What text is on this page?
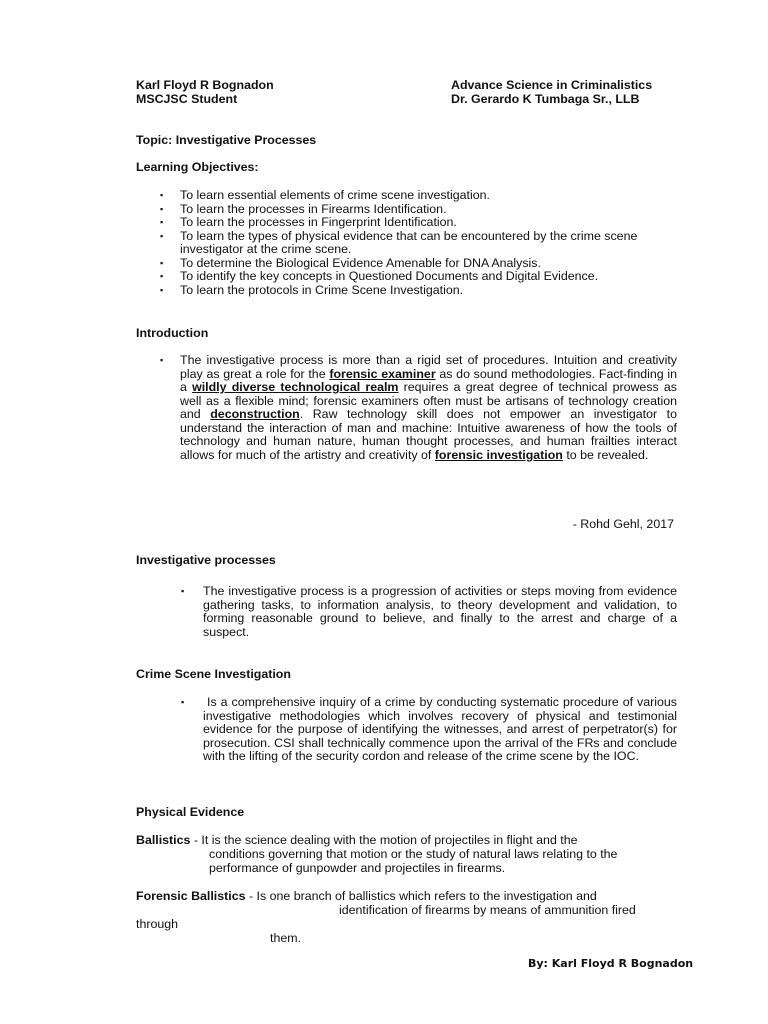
Karl Floyd R Bognadon
MSCJSC Student
Advance Science in Criminalistics
Dr. Gerardo K Tumbaga Sr., LLB
Topic: Investigative Processes
Learning Objectives:
▪ To learn essential elements of crime scene investigation.
▪ To learn the processes in Firearms Identification.
▪ To learn the processes in Fingerprint Identification.
▪ To learn the types of physical evidence that can be encountered by the crime scene investigator at the crime scene.
▪ To determine the Biological Evidence Amenable for DNA Analysis.
▪ To identify the key concepts in Questioned Documents and Digital Evidence.
▪ To learn the protocols in Crime Scene Investigation.
Introduction
▪ The investigative process is more than a rigid set of procedures. Intuition and creativity play as great a role for the forensic examiner as do sound methodologies. Fact-finding in a wildly diverse technological realm requires a great degree of technical prowess as well as a flexible mind; forensic examiners often must be artisans of technology creation and deconstruction. Raw technology skill does not empower an investigator to understand the interaction of man and machine: Intuitive awareness of how the tools of technology and human nature, human thought processes, and human frailties interact allows for much of the artistry and creativity of forensic investigation to be revealed.
- Rohd Gehl, 2017
Investigative processes
▪ The investigative process is a progression of activities or steps moving from evidence gathering tasks, to information analysis, to theory development and validation, to forming reasonable ground to believe, and finally to the arrest and charge of a suspect.
Crime Scene Investigation
▪	Is a comprehensive inquiry of a crime by conducting systematic procedure of various investigative methodologies which involves recovery of physical and testimonial evidence for the purpose of identifying the witnesses, and arrest of perpetrator(s) for prosecution. CSI shall technically commence upon the arrival of the FRs and conclude with the lifting of the security cordon and release of the crime scene by the IOC.
Physical Evidence
Ballistics - It is the science dealing with the motion of projectiles in flight and the
conditions governing that motion or the study of natural laws relating to the
performance of gunpowder and projectiles in firearms.
Forensic Ballistics - Is one branch of ballistics which refers to the investigation and
identification of firearms by means of ammunition fired
through
them.
By: Karl Floyd R Bognadon
